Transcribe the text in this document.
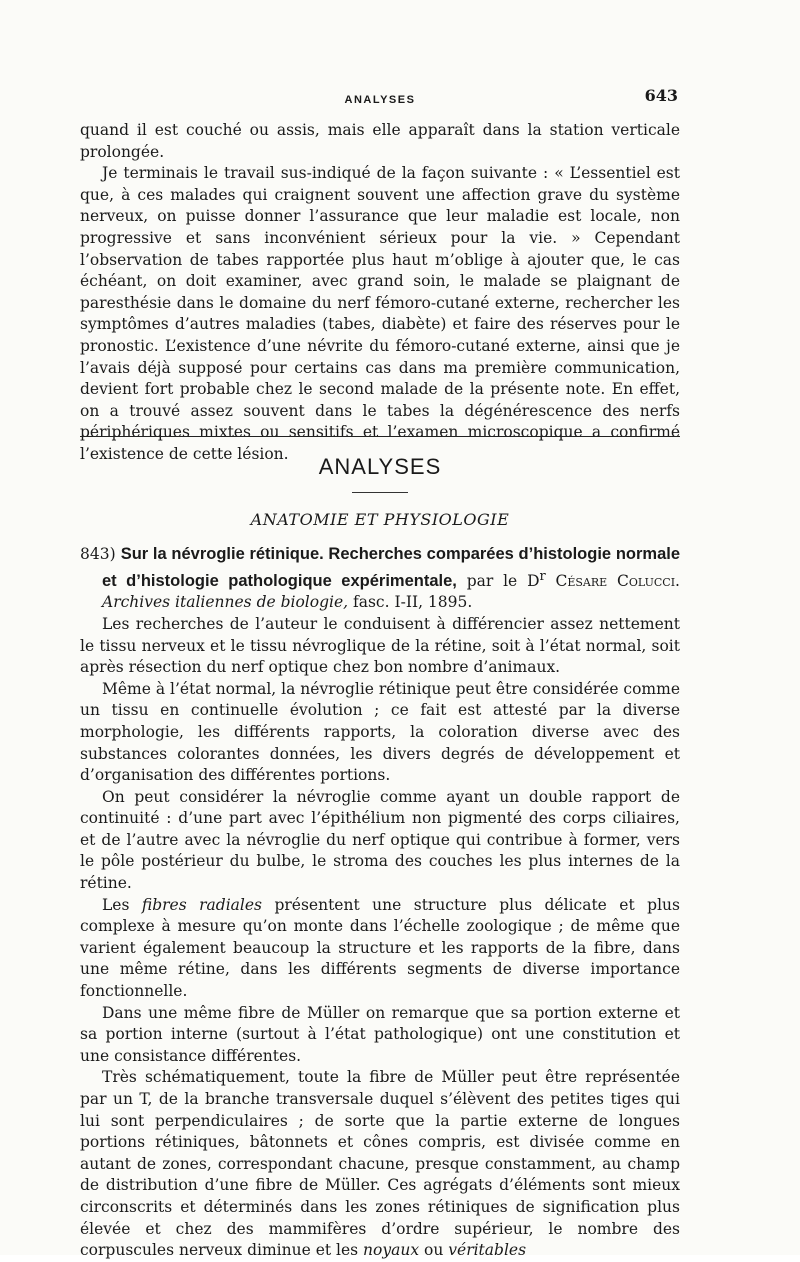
ANALYSES	643

quand il est couché ou assis, mais elle apparaît dans la station verticale prolongée.

Je terminais le travail sus-indiqué de la façon suivante : « L’essentiel est que, à ces malades qui craignent souvent une affection grave du système nerveux, on puisse donner l’assurance que leur maladie est locale, non progressive et sans inconvénient sérieux pour la vie. » Cependant l’observation de tabes rapportée plus haut m’oblige à ajouter que, le cas échéant, on doit examiner, avec grand soin, le malade se plaignant de paresthésie dans le domaine du nerf fémoro-cutané externe, rechercher les symptômes d’autres maladies (tabes, diabète) et faire des réserves pour le pronostic. L’existence d’une névrite du fémoro-cutané externe, ainsi que je l’avais déjà supposé pour certains cas dans ma première communication, devient fort probable chez le second malade de la présente note. En effet, on a trouvé assez souvent dans le tabes la dégénérescence des nerfs périphériques mixtes ou sensitifs et l’examen microscopique a confirmé l’existence de cette lésion.

ANALYSES
ANATOMIE ET PHYSIOLOGIE

843) Sur la névroglie rétinique. Recherches comparées d’histologie normale et d’histologie pathologique expérimentale, par le $D^r$ Césare Colucci. Archives italiennes de biologie, fasc. I-II, 1895.

Les recherches de l’auteur le conduisent à différencier assez nettement le tissu nerveux et le tissu névroglique de la rétine, soit à l’état normal, soit après résection du nerf optique chez bon nombre d’animaux.

Même à l’état normal, la névroglie rétinique peut être considérée comme un tissu en continuelle évolution ; ce fait est attesté par la diverse morphologie, les différents rapports, la coloration diverse avec des substances colorantes données, les divers degrés de développement et d’organisation des différentes portions.

On peut considérer la névroglie comme ayant un double rapport de continuité : d’une part avec l’épithélium non pigmenté des corps ciliaires, et de l’autre avec la névroglie du nerf optique qui contribue à former, vers le pôle postérieur du bulbe, le stroma des couches les plus internes de la rétine.

Les fibres radiales présentent une structure plus délicate et plus complexe à mesure qu’on monte dans l’échelle zoologique ; de même que varient également beaucoup la structure et les rapports de la fibre, dans une même rétine, dans les différents segments de diverse importance fonctionnelle.

Dans une même fibre de Müller on remarque que sa portion externe et sa portion interne (surtout à l’état pathologique) ont une constitution et une consistance différentes.

Très schématiquement, toute la fibre de Müller peut être représentée par un T, de la branche transversale duquel s’élèvent des petites tiges qui lui sont perpendiculaires ; de sorte que la partie externe de longues portions rétiniques, bâtonnets et cônes compris, est divisée comme en autant de zones, correspondant chacune, presque constamment, au champ de distribution d’une fibre de Müller. Ces agrégats d’éléments sont mieux circonscrits et déterminés dans les zones rétiniques de signification plus élevée et chez des mammifères d’ordre supérieur, le nombre des corpuscules nerveux diminue et les noyaux ou véritables
